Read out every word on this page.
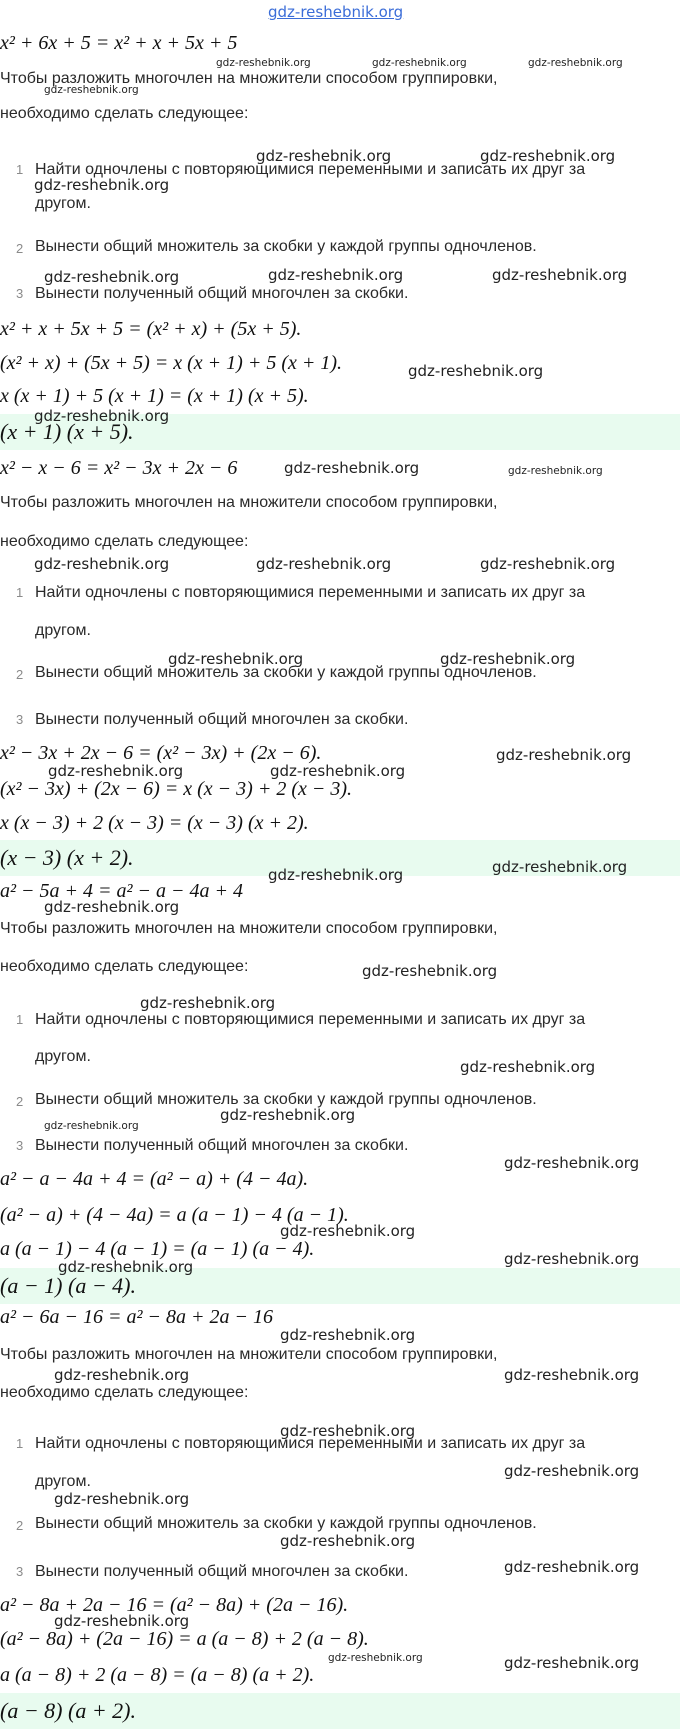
gdz-reshebnik.org
x² + 6x + 5 = x² + x + 5x + 5
gdz-reshebnik.org	gdz-reshebnik.org	gdz-reshebnik.org
Чтобы разложить многочлен на множители способом группировки,
gdz-reshebnik.org
необходимо сделать следующее:
gdz-reshebnik.org	gdz-reshebnik.org
1 Найти одночлены с повторяющимися переменными и записать их друг за
gdz-reshebnik.org
другом.
2 Вынести общий множитель за скобки у каждой группы одночленов.
gdz-reshebnik.org	gdz-reshebnik.org	gdz-reshebnik.org
3 Вынести полученный общий многочлен за скобки.
x² + x + 5x + 5 = (x² + x) + (5x + 5).
(x² + x) + (5x + 5) = x (x + 1) + 5 (x + 1).	gdz-reshebnik.org
x (x + 1) + 5 (x + 1) = (x + 1) (x + 5).
(x + 1) (x + 5).
gdz-reshebnik.org
x² − x − 6 = x² − 3x + 2x − 6	gdz-reshebnik.org	gdz-reshebnik.org
Чтобы разложить многочлен на множители способом группировки,
необходимо сделать следующее:
gdz-reshebnik.org	gdz-reshebnik.org	gdz-reshebnik.org
1 Найти одночлены с повторяющимися переменными и записать их друг за
другом.
gdz-reshebnik.org	gdz-reshebnik.org
2 Вынести общий множитель за скобки у каждой группы одночленов.
3 Вынести полученный общий многочлен за скобки.
x² − 3x + 2x − 6 = (x² − 3x) + (2x − 6).	gdz-reshebnik.org
gdz-reshebnik.org	gdz-reshebnik.org
(x² − 3x) + (2x − 6) = x (x − 3) + 2 (x − 3).
x (x − 3) + 2 (x − 3) = (x − 3) (x + 2).
(x − 3) (x + 2).
gdz-reshebnik.org	gdz-reshebnik.org
a² − 5a + 4 = a² − a − 4a + 4
gdz-reshebnik.org
Чтобы разложить многочлен на множители способом группировки,
необходимо сделать следующее:	gdz-reshebnik.org
gdz-reshebnik.org
1 Найти одночлены с повторяющимися переменными и записать их друг за
другом.
gdz-reshebnik.org
2 Вынести общий множитель за скобки у каждой группы одночленов.
gdz-reshebnik.org
gdz-reshebnik.org
3 Вынести полученный общий многочлен за скобки.
a² − a − 4a + 4 = (a² − a) + (4 − 4a).
gdz-reshebnik.org
(a² − a) + (4 − 4a) = a (a − 1) − 4 (a − 1).
gdz-reshebnik.org
a (a − 1) − 4 (a − 1) = (a − 1) (a − 4).	gdz-reshebnik.org
(a − 1) (a − 4).
gdz-reshebnik.org
a² − 6a − 16 = a² − 8a + 2a − 16
gdz-reshebnik.org
Чтобы разложить многочлен на множители способом группировки,
gdz-reshebnik.org	gdz-reshebnik.org
необходимо сделать следующее:
gdz-reshebnik.org
1 Найти одночлены с повторяющимися переменными и записать их друг за
gdz-reshebnik.org
другом.
gdz-reshebnik.org
2 Вынести общий множитель за скобки у каждой группы одночленов.
gdz-reshebnik.org
3 Вынести полученный общий многочлен за скобки.	gdz-reshebnik.org
a² − 8a + 2a − 16 = (a² − 8a) + (2a − 16).
gdz-reshebnik.org
(a² − 8a) + (2a − 16) = a (a − 8) + 2 (a − 8).
gdz-reshebnik.org	gdz-reshebnik.org
a (a − 8) + 2 (a − 8) = (a − 8) (a + 2).
(a − 8) (a + 2).
